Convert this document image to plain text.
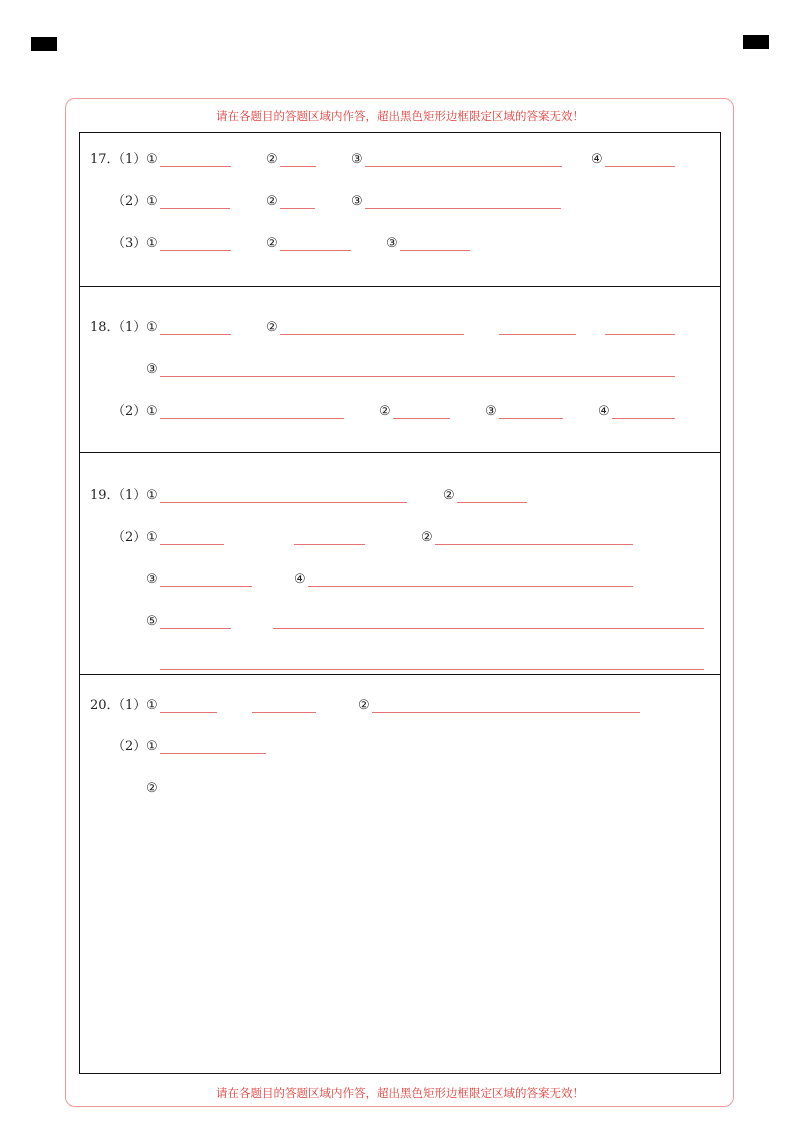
请在各题目的答题区域内作答，超出黑色矩形边框限定区域的答案无效！
请在各题目的答题区域内作答，超出黑色矩形边框限定区域的答案无效！
17．
（1） ①	②	③	④
（2） ①	②	③
（3） ①	②	③
18．
（1） ①	②
③
（2） ①	②	③	④
19．
（1） ①	②
（2） ①	②
③	④
⑤
20．
（1） ①	②
（2） ①
②
